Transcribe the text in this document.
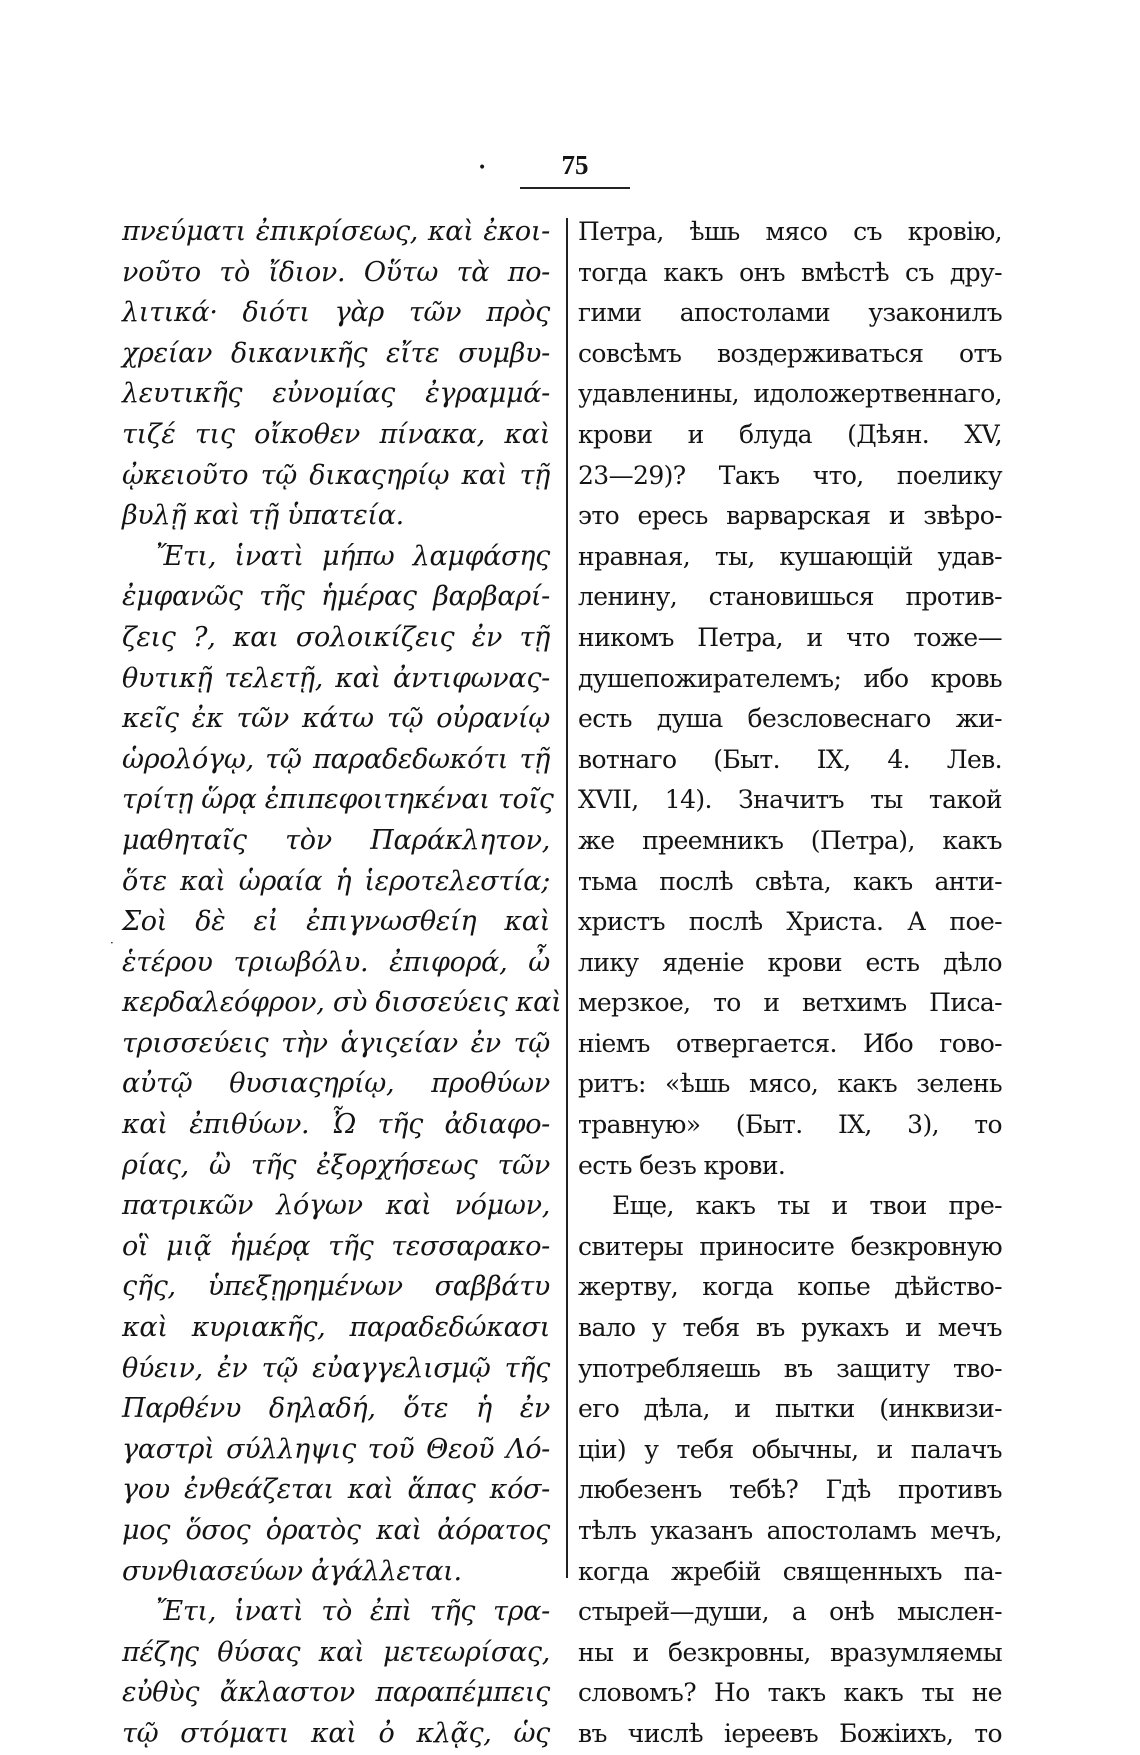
•	75
·
πνεύματι ἐπικρίσεως, καὶ ἐκοι-
νοῦτο τὸ ἴδιον. Οὕτω τὰ πο-
λιτικά· διότι γὰρ τῶν πρὸς
χρείαν δικανικῆς εἴτε συμβυ-
λευτικῆς εὐνομίας ἐγραμμά-
τιζέ τις οἴκοθεν πίνακα, καὶ
ᾠκειοῦτο τῷ δικαςηρίῳ καὶ τῇ
βυλῇ καὶ τῇ ὑπατεία.
Ἔτι, ἱνατὶ μήπω λαμφάσης
ἐμφανῶς τῆς ἡμέρας βαρβαρί-
ζεις ?, και σολοικίζεις ἐν τῇ
θυτικῇ τελετῇ, καὶ ἀντιφωνας-
κεῖς ἐκ τῶν κάτω τῷ οὐρανίῳ
ὡρολόγῳ, τῷ παραδεδωκότι τῇ
τρίτῃ ὥρᾳ ἐπιπεφοιτηκέναι τοῖς
μαθηταῖς τὸν Παράκλητον,
ὅτε καὶ ὡραία ἡ ἱεροτελεστία;
Σοὶ δὲ εἰ ἐπιγνωσθείη καὶ
ἑτέρου τριωβόλυ. ἐπιφορά, ὦ
κερδαλεόφρον, σὺ δισσεύεις καὶ
τρισσεύεις τὴν ἁγιςείαν ἐν τῷ
αὐτῷ θυσιαςηρίῳ, προθύων
καὶ ἐπιθύων. Ὦ τῆς ἀδιαφο-
ρίας, ὢ τῆς ἐξορχήσεως τῶν
πατρικῶν λόγων καὶ νόμων,
οἳ μιᾷ ἡμέρᾳ τῆς τεσσαρακο-
ςῆς, ὑπεξῃρημένων σαββάτυ
καὶ κυριακῆς, παραδεδώκασι
θύειν, ἐν τῷ εὐαγγελισμῷ τῆς
Παρθένυ δηλαδή, ὅτε ἡ ἐν
γαστρὶ σύλληψις τοῦ Θεοῦ Λό-
γου ἐνθεάζεται καὶ ἅπας κόσ-
μος ὅσος ὁρατὸς καὶ ἀόρατος
συνθιασεύων ἀγάλλεται.
Ἔτι, ἱνατὶ τὸ ἐπὶ τῆς τρα-
πέζης θύσας καὶ μετεωρίσας,
εὐθὺς ἄκλαστον παραπέμπεις
τῷ στόματι καὶ ὀ κλᾷς, ὡς
Петра, ѣшь мясо съ кровію,
тогда какъ онъ вмѣстѣ съ дру-
гими апостолами узаконилъ
совсѣмъ воздерживаться отъ
удавленины, идоложертвеннаго,
крови и блуда (Дѣян. XV,
23—29)? Такъ что, поелику
это ересь варварская и звѣро-
нравная, ты, кушающій удав-
ленину, становишься против-
никомъ Петра, и что тоже—
душепожирателемъ; ибо кровь
есть душа безсловеснаго жи-
вотнаго (Быт. IX, 4. Лев.
XVII, 14). Значитъ ты такой
же преемникъ (Петра), какъ
тьма послѣ свѣта, какъ анти-
христъ послѣ Христа. А пое-
лику яденіе крови есть дѣло
мерзкое, то и ветхимъ Писа-
ніемъ отвергается. Ибо гово-
ритъ: «ѣшь мясо, какъ зелень
травную» (Быт. IX, 3), то
есть безъ крови.
Еще, какъ ты и твои пре-
свитеры приносите безкровную
жертву, когда копье дѣйство-
вало у тебя въ рукахъ и мечъ
употребляешь въ защиту тво-
его дѣла, и пытки (инквизи-
ціи) у тебя обычны, и палачъ
любезенъ тебѣ? Гдѣ противъ
тѣлъ указанъ апостоламъ мечъ,
когда жребій священныхъ па-
стырей—души, а онѣ мыслен-
ны и безкровны, вразумляемы
словомъ? Но такъ какъ ты не
въ числѣ іереевъ Божіихъ, то
